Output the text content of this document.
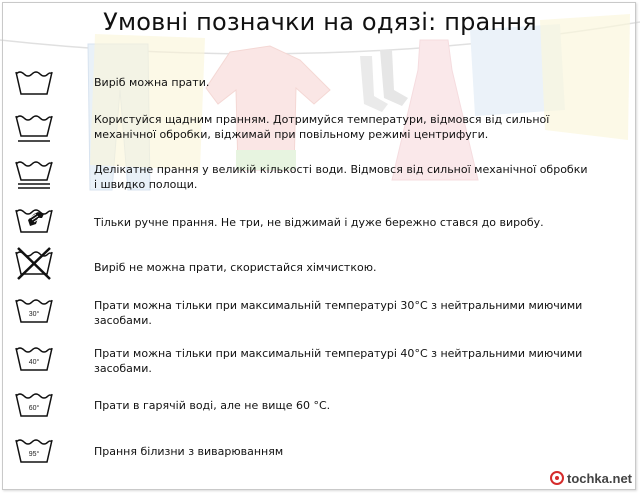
Умовні позначки на одязі: прання
Виріб можна прати.
Користуйся щадним пранням. Дотримуйся температури, відмовся від сильної механічної обробки, віджимай при повільному режимі центрифуги.
Делікатне прання у великій кількості води. Відмовся від сильної механічної обробки і швидко полощи.
Тільки ручне прання. Не три, не віджимай і дуже бережно стався до виробу.
Виріб не можна прати, скористайся хімчисткою.
30°
Прати можна тільки при максимальній температурі 30°C з нейтральними миючими засобами.
40°
Прати можна тільки при максимальній температурі 40°C з нейтральними миючими засобами.
60°	Прати в гарячій воді, але не вище 60 °C.
95°	Прання білизни з виварюванням
tochka.net
